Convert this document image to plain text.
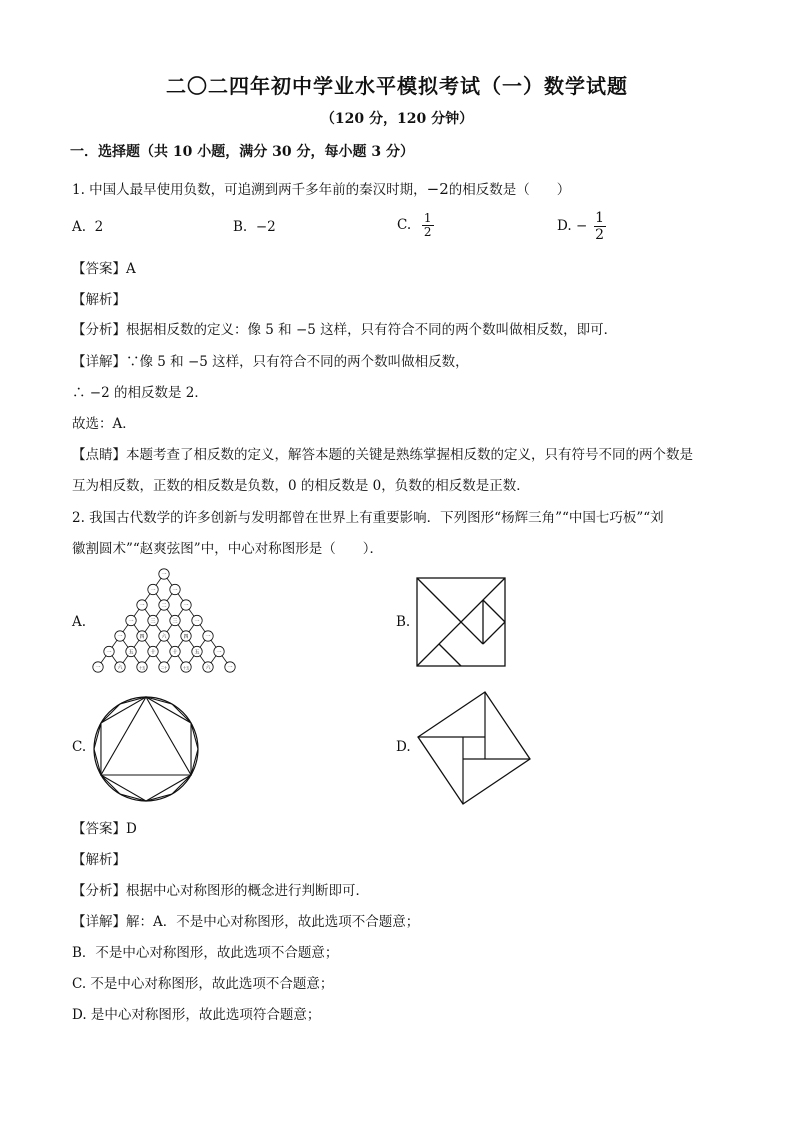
二〇二四年初中学业水平模拟考试（一）数学试题
（120 分，120 分钟）
一．选择题（共 10 小题，满分 30 分，每小题 3 分）
1. 中国人最早使用负数，可追溯到两千多年前的秦汉时期，−2的相反数是（　　）
A. 2	B. −2	C. $\frac{1}{2}$	D. − $\frac{1}{2}$
【答案】A
【解析】
【分析】根据相反数的定义：像 5 和 −5 这样，只有符合不同的两个数叫做相反数，即可．
【详解】∵像 5 和 −5 这样，只有符合不同的两个数叫做相反数，
∴ −2 的相反数是 2．
故选：A．
【点睛】本题考查了相反数的定义，解答本题的关键是熟练掌握相反数的定义，只有符号不同的两个数是
互为相反数，正数的相反数是负数，0 的相反数是 0，负数的相反数是正数．
2. 我国古代数学的许多创新与发明都曾在世界上有重要影响．下列图形“杨辉三角”“中国七巧板”“刘
徽割圆术”“赵爽弦图”中，中心对称图形是（　　）．
A.	B.
C.	D.
一
一	一
一	二	一
一	三	三	一
一	四	六	四	一
一	五	十	十	五	一
一	六	十五	二十	十五	六	一
【答案】D
【解析】
【分析】根据中心对称图形的概念进行判断即可．
【详解】解：A．不是中心对称图形，故此选项不合题意；
B．不是中心对称图形，故此选项不合题意；
C. 不是中心对称图形，故此选项不合题意；
D. 是中心对称图形，故此选项符合题意；
